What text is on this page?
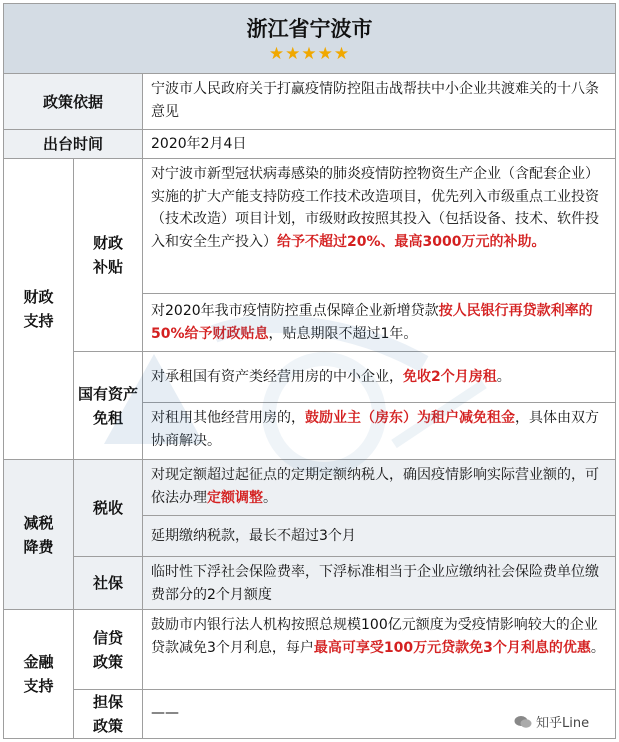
浙江省宁波市
★★★★★
政策依据
宁波市人民政府关于打赢疫情防控阻击战帮扶中小企业共渡难关的十八条意见
出台时间	2020年2月4日
财政
支持
财政
补贴
对宁波市新型冠状病毒感染的肺炎疫情防控物资生产企业（含配套企业）实施的扩大产能支持防疫工作技术改造项目，优先列入市级重点工业投资（技术改造）项目计划，市级财政按照其投入（包括设备、技术、软件投入和安全生产投入）给予不超过20%、最高3000万元的补助。
对2020年我市疫情防控重点保障企业新增贷款按人民银行再贷款利率的50%给予财政贴息，贴息期限不超过1年。
国有资产
免租
对承租国有资产类经营用房的中小企业，免收2个月房租。
对租用其他经营用房的，鼓励业主（房东）为租户减免租金，具体由双方协商解决。
减税
降费
税收
对现定额超过起征点的定期定额纳税人，确因疫情影响实际营业额的，可依法办理定额调整。
延期缴纳税款，最长不超过3个月
社保
临时性下浮社会保险费率，下浮标准相当于企业应缴纳社会保险费单位缴费部分的2个月额度
金融
支持
信贷
政策
鼓励市内银行法人机构按照总规模100亿元额度为受疫情影响较大的企业贷款减免3个月利息，每户最高可享受100万元贷款免3个月利息的优惠。
担保
政策
——
知乎Line
